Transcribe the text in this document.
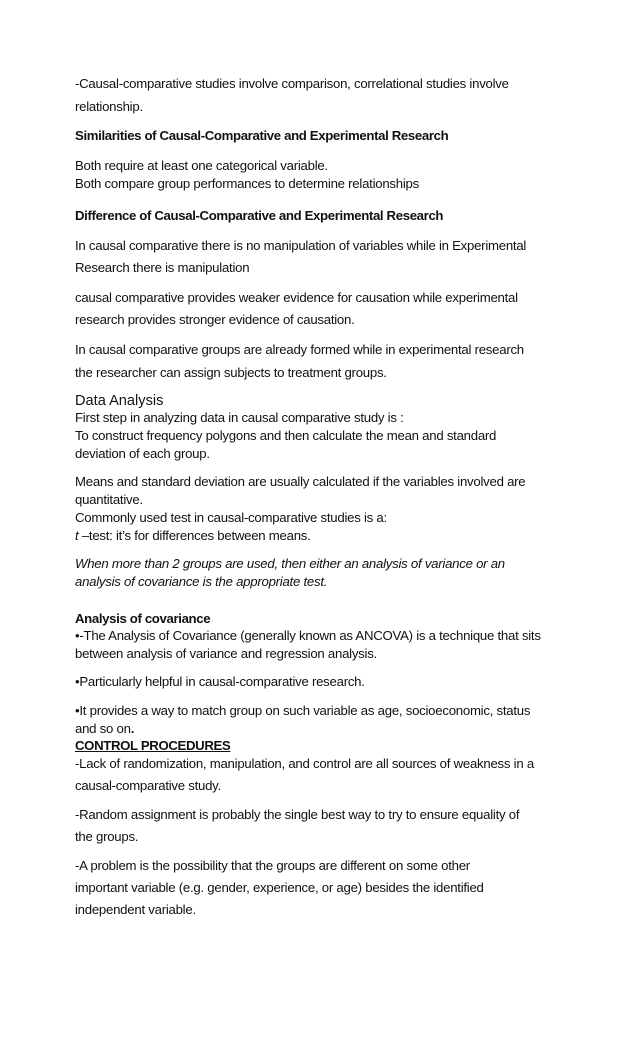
-Causal-comparative studies involve comparison, correlational studies involve
relationship.
Similarities of Causal-Comparative and Experimental Research
Both require at least one categorical variable.
Both compare group performances to determine relationships
Difference of Causal-Comparative and Experimental Research
In causal comparative there is no manipulation of variables while in Experimental
Research there is manipulation
causal comparative provides weaker evidence for causation while experimental
research provides stronger evidence of causation.
In causal comparative groups are already formed while in experimental research
the researcher can assign subjects to treatment groups.
Data Analysis
First step in analyzing data in causal comparative study is :
To construct frequency polygons and then calculate the mean and standard
deviation of each group.
Means and standard deviation are usually calculated if the variables involved are
quantitative.
Commonly used test in causal-comparative studies is a:
t –test: it’s for differences between means.
When more than 2 groups are used, then either an analysis of variance or an
analysis of covariance is the appropriate test.
Analysis of covariance
•-The Analysis of Covariance (generally known as ANCOVA) is a technique that sits
between analysis of variance and regression analysis.
•Particularly helpful in causal-comparative research.
•It provides a way to match group on such variable as age, socioeconomic, status
and so on.
CONTROL PROCEDURES
-Lack of randomization, manipulation, and control are all sources of weakness in a
causal-comparative study.
-Random assignment is probably the single best way to try to ensure equality of
the groups.
-A problem is the possibility that the groups are different on some other
important variable (e.g. gender, experience, or age) besides the identified
independent variable.
